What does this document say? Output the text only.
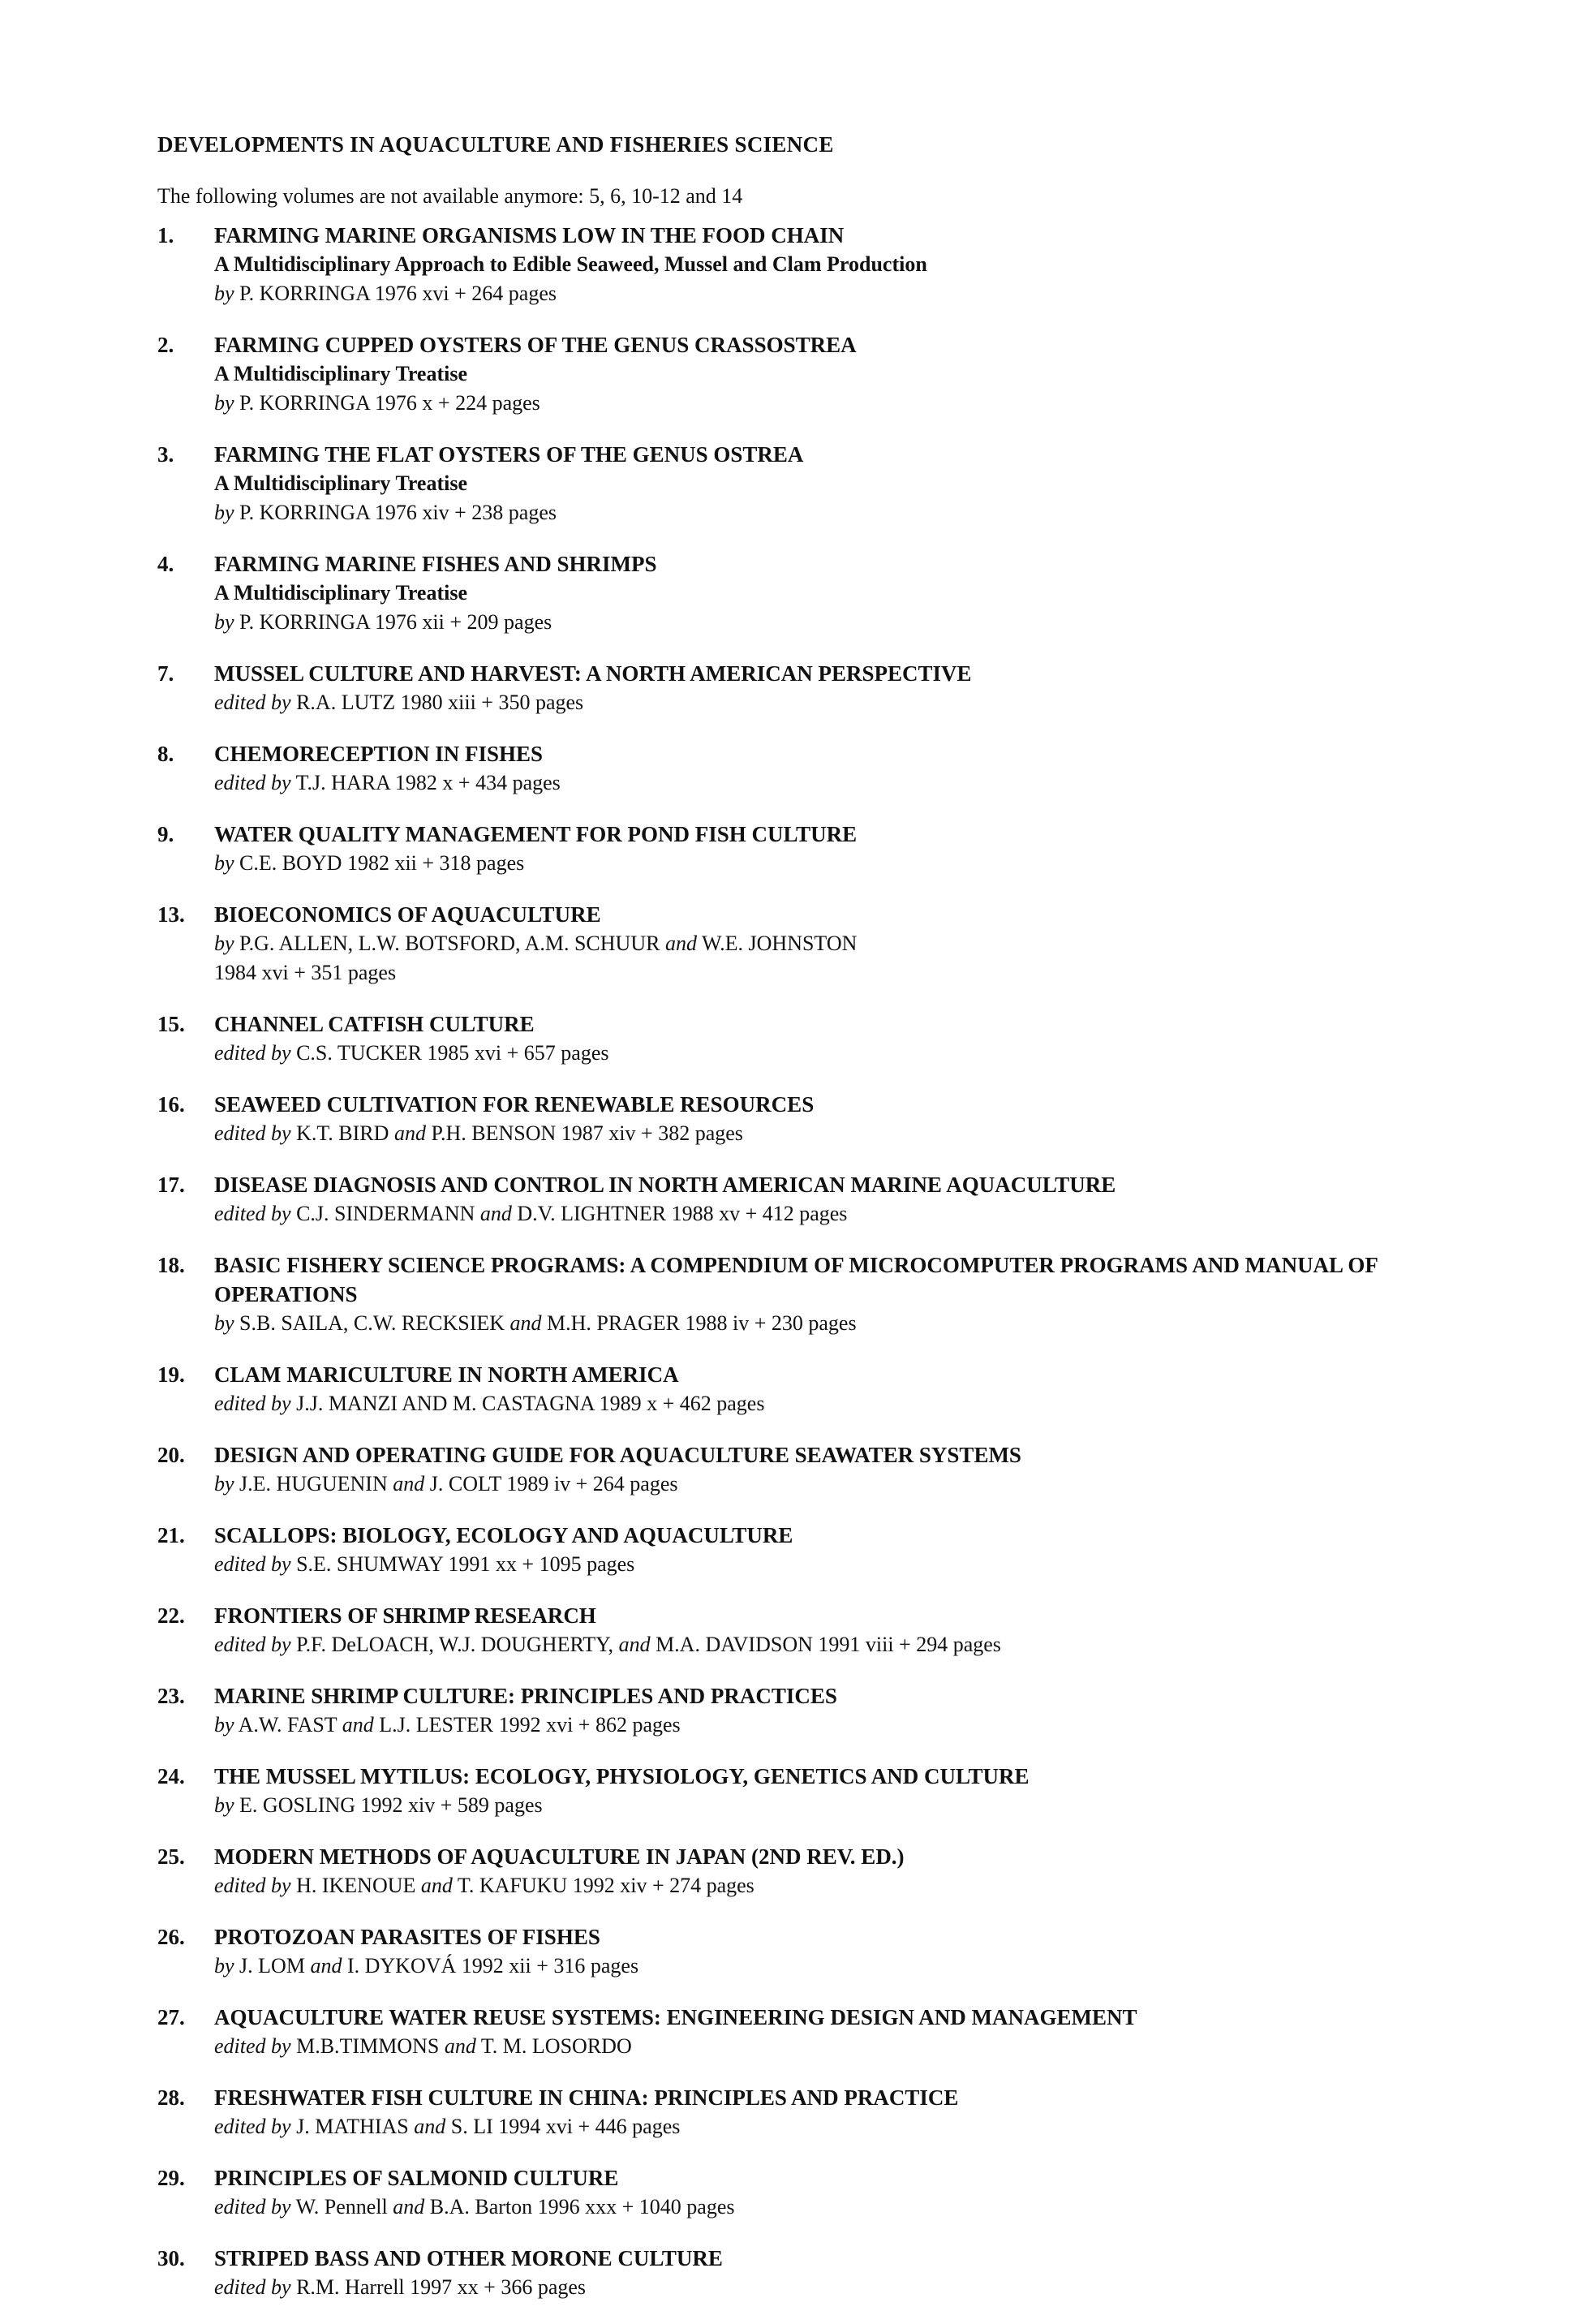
DEVELOPMENTS IN AQUACULTURE AND FISHERIES SCIENCE
The following volumes are not available anymore: 5, 6, 10-12 and 14
1.	FARMING MARINE ORGANISMS LOW IN THE FOOD CHAIN
A Multidisciplinary Approach to Edible Seaweed, Mussel and Clam Production
by P. KORRINGA 1976 xvi + 264 pages
2.	FARMING CUPPED OYSTERS OF THE GENUS CRASSOSTREA
A Multidisciplinary Treatise
by P. KORRINGA 1976 x + 224 pages
3.	FARMING THE FLAT OYSTERS OF THE GENUS OSTREA
A Multidisciplinary Treatise
by P. KORRINGA 1976 xiv + 238 pages
4.	FARMING MARINE FISHES AND SHRIMPS
A Multidisciplinary Treatise
by P. KORRINGA 1976 xii + 209 pages
7.	MUSSEL CULTURE AND HARVEST: A NORTH AMERICAN PERSPECTIVE
edited by R.A. LUTZ 1980 xiii + 350 pages
8.	CHEMORECEPTION IN FISHES
edited by T.J. HARA 1982 x + 434 pages
9.	WATER QUALITY MANAGEMENT FOR POND FISH CULTURE
by C.E. BOYD 1982 xii + 318 pages
13.	BIOECONOMICS OF AQUACULTURE
by P.G. ALLEN, L.W. BOTSFORD, A.M. SCHUUR and W.E. JOHNSTON
1984 xvi + 351 pages
15.	CHANNEL CATFISH CULTURE
edited by C.S. TUCKER 1985 xvi + 657 pages
16.	SEAWEED CULTIVATION FOR RENEWABLE RESOURCES
edited by K.T. BIRD and P.H. BENSON 1987 xiv + 382 pages
17.	DISEASE DIAGNOSIS AND CONTROL IN NORTH AMERICAN MARINE AQUACULTURE
edited by C.J. SINDERMANN and D.V. LIGHTNER 1988 xv + 412 pages
18.	BASIC FISHERY SCIENCE PROGRAMS: A COMPENDIUM OF MICROCOMPUTER PROGRAMS AND MANUAL OF OPERATIONS
by S.B. SAILA, C.W. RECKSIEK and M.H. PRAGER 1988 iv + 230 pages
19.	CLAM MARICULTURE IN NORTH AMERICA
edited by J.J. MANZI AND M. CASTAGNA 1989 x + 462 pages
20.	DESIGN AND OPERATING GUIDE FOR AQUACULTURE SEAWATER SYSTEMS
by J.E. HUGUENIN and J. COLT 1989 iv + 264 pages
21.	SCALLOPS: BIOLOGY, ECOLOGY AND AQUACULTURE
edited by S.E. SHUMWAY 1991 xx + 1095 pages
22.	FRONTIERS OF SHRIMP RESEARCH
edited by P.F. DeLOACH, W.J. DOUGHERTY, and M.A. DAVIDSON 1991 viii + 294 pages
23.	MARINE SHRIMP CULTURE: PRINCIPLES AND PRACTICES
by A.W. FAST and L.J. LESTER 1992 xvi + 862 pages
24.	THE MUSSEL MYTILUS: ECOLOGY, PHYSIOLOGY, GENETICS AND CULTURE
by E. GOSLING 1992 xiv + 589 pages
25.	MODERN METHODS OF AQUACULTURE IN JAPAN (2ND REV. ED.)
edited by H. IKENOUE and T. KAFUKU 1992 xiv + 274 pages
26.	PROTOZOAN PARASITES OF FISHES
by J. LOM and I. DYKOVÁ 1992 xii + 316 pages
27.	AQUACULTURE WATER REUSE SYSTEMS: ENGINEERING DESIGN AND MANAGEMENT
edited by M.B.TIMMONS and T. M. LOSORDO
28.	FRESHWATER FISH CULTURE IN CHINA: PRINCIPLES AND PRACTICE
edited by J. MATHIAS and S. LI 1994 xvi + 446 pages
29.	PRINCIPLES OF SALMONID CULTURE
edited by W. Pennell and B.A. Barton 1996 xxx + 1040 pages
30.	STRIPED BASS AND OTHER MORONE CULTURE
edited by R.M. Harrell 1997 xx + 366 pages
